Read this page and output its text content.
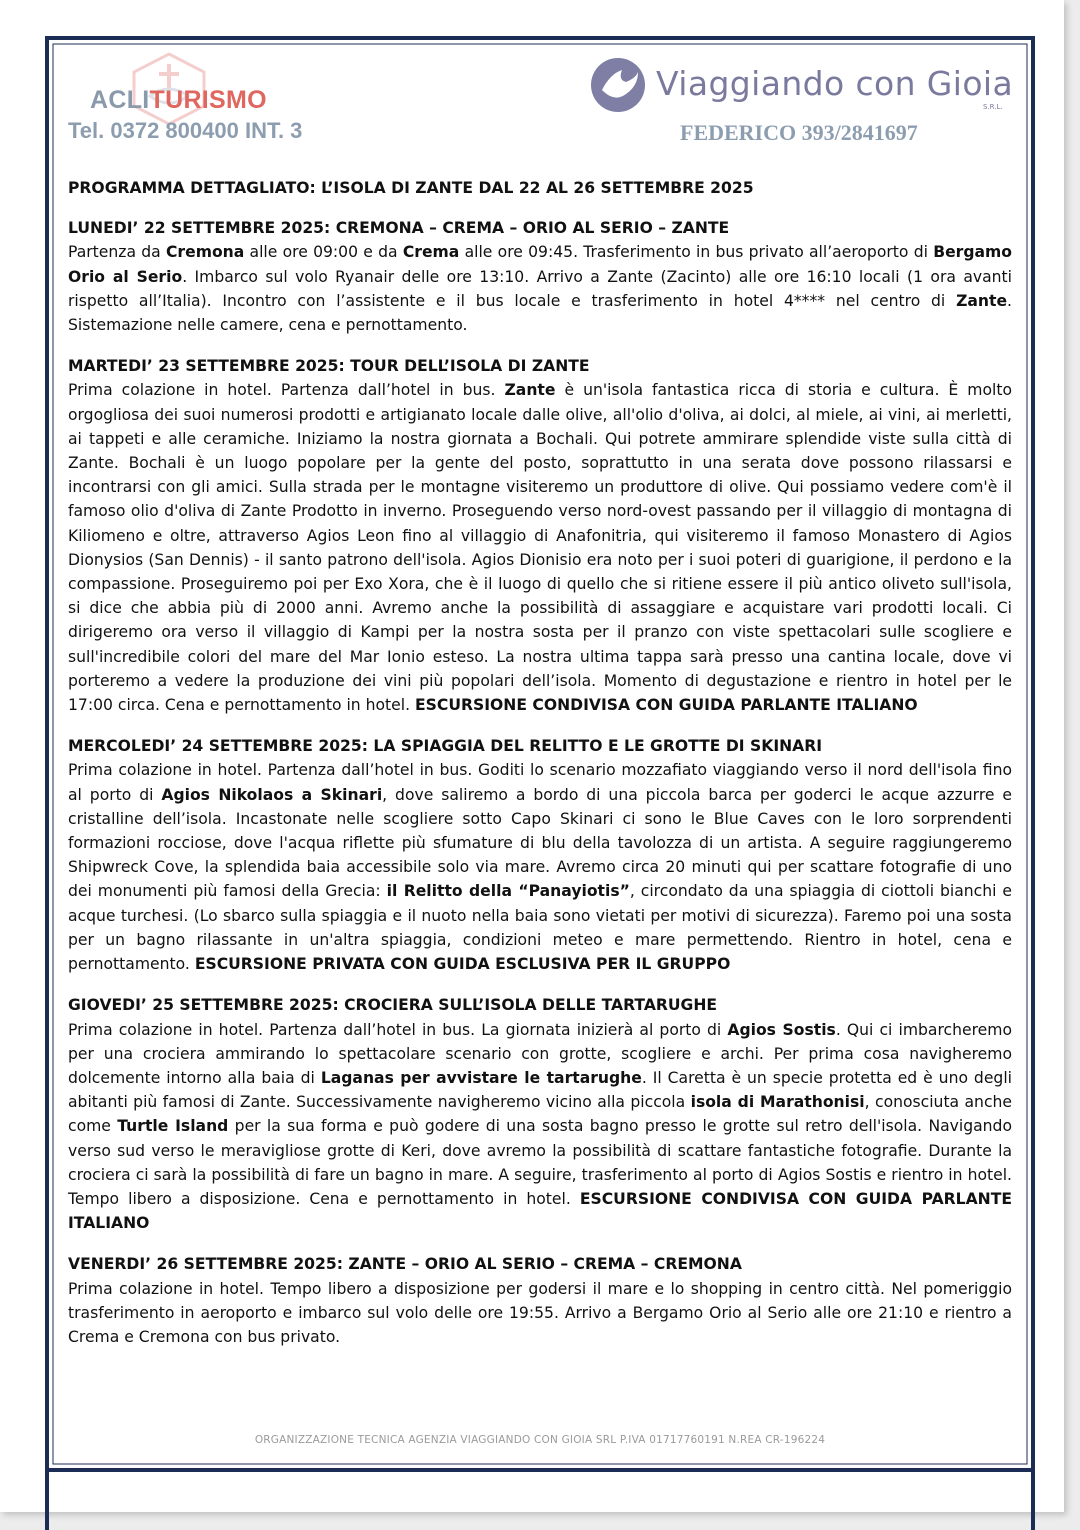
ACLITURISMO
Tel. 0372 800400 INT. 3
Viaggiando con Gioia
S.R.L.
FEDERICO 393/2841697
PROGRAMMA DETTAGLIATO: L’ISOLA DI ZANTE DAL 22 AL 26 SETTEMBRE 2025
LUNEDI’ 22 SETTEMBRE 2025: CREMONA – CREMA – ORIO AL SERIO – ZANTE

Partenza da Cremona alle ore 09:00 e da Crema alle ore 09:45. Trasferimento in bus privato all’aeroporto di Bergamo Orio al Serio. Imbarco sul volo Ryanair delle ore 13:10. Arrivo a Zante (Zacinto) alle ore 16:10 locali (1 ora avanti rispetto all’Italia). Incontro con l’assistente e il bus locale e trasferimento in hotel 4**** nel centro di Zante. Sistemazione nelle camere, cena e pernottamento.

MARTEDI’ 23 SETTEMBRE 2025: TOUR DELL’ISOLA DI ZANTE

Prima colazione in hotel. Partenza dall’hotel in bus. Zante è un'isola fantastica ricca di storia e cultura. È molto orgogliosa dei suoi numerosi prodotti e artigianato locale dalle olive, all'olio d'oliva, ai dolci, al miele, ai vini, ai merletti, ai tappeti e alle ceramiche. Iniziamo la nostra giornata a Bochali. Qui potrete ammirare splendide viste sulla città di Zante. Bochali è un luogo popolare per la gente del posto, soprattutto in una serata dove possono rilassarsi e incontrarsi con gli amici. Sulla strada per le montagne visiteremo un produttore di olive. Qui possiamo vedere com'è il famoso olio d'oliva di Zante Prodotto in inverno. Proseguendo verso nord-ovest passando per il villaggio di montagna di Kiliomeno e oltre, attraverso Agios Leon fino al villaggio di Anafonitria, qui visiteremo il famoso Monastero di Agios Dionysios (San Dennis) - il santo patrono dell'isola. Agios Dionisio era noto per i suoi poteri di guarigione, il perdono e la compassione. Proseguiremo poi per Exo Xora, che è il luogo di quello che si ritiene essere il più antico oliveto sull'isola, si dice che abbia più di 2000 anni. Avremo anche la possibilità di assaggiare e acquistare vari prodotti locali. Ci dirigeremo ora verso il villaggio di Kampi per la nostra sosta per il pranzo con viste spettacolari sulle scogliere e sull'incredibile colori del mare del Mar Ionio esteso. La nostra ultima tappa sarà presso una cantina locale, dove vi porteremo a vedere la produzione dei vini più popolari dell’isola. Momento di degustazione e rientro in hotel per le 17:00 circa. Cena e pernottamento in hotel. ESCURSIONE CONDIVISA CON GUIDA PARLANTE ITALIANO

MERCOLEDI’ 24 SETTEMBRE 2025: LA SPIAGGIA DEL RELITTO E LE GROTTE DI SKINARI

Prima colazione in hotel. Partenza dall’hotel in bus. Goditi lo scenario mozzafiato viaggiando verso il nord dell'isola fino al porto di Agios Nikolaos a Skinari, dove saliremo a bordo di una piccola barca per goderci le acque azzurre e cristalline dell’isola. Incastonate nelle scogliere sotto Capo Skinari ci sono le Blue Caves con le loro sorprendenti formazioni rocciose, dove l'acqua riflette più sfumature di blu della tavolozza di un artista. A seguire raggiungeremo Shipwreck Cove, la splendida baia accessibile solo via mare. Avremo circa 20 minuti qui per scattare fotografie di uno dei monumenti più famosi della Grecia: il Relitto della “Panayiotis”, circondato da una spiaggia di ciottoli bianchi e acque turchesi. (Lo sbarco sulla spiaggia e il nuoto nella baia sono vietati per motivi di sicurezza). Faremo poi una sosta per un bagno rilassante in un'altra spiaggia, condizioni meteo e mare permettendo. Rientro in hotel, cena e pernottamento. ESCURSIONE PRIVATA CON GUIDA ESCLUSIVA PER IL GRUPPO

GIOVEDI’ 25 SETTEMBRE 2025: CROCIERA SULL’ISOLA DELLE TARTARUGHE

Prima colazione in hotel. Partenza dall’hotel in bus. La giornata inizierà al porto di Agios Sostis. Qui ci imbarcheremo per una crociera ammirando lo spettacolare scenario con grotte, scogliere e archi. Per prima cosa navigheremo dolcemente intorno alla baia di Laganas per avvistare le tartarughe. Il Caretta è un specie protetta ed è uno degli abitanti più famosi di Zante. Successivamente navigheremo vicino alla piccola isola di Marathonisi, conosciuta anche come Turtle Island per la sua forma e può godere di una sosta bagno presso le grotte sul retro dell'isola. Navigando verso sud verso le meravigliose grotte di Keri, dove avremo la possibilità di scattare fantastiche fotografie. Durante la crociera ci sarà la possibilità di fare un bagno in mare. A seguire, trasferimento al porto di Agios Sostis e rientro in hotel. Tempo libero a disposizione. Cena e pernottamento in hotel. ESCURSIONE CONDIVISA CON GUIDA PARLANTE ITALIANO

VENERDI’ 26 SETTEMBRE 2025: ZANTE – ORIO AL SERIO – CREMA – CREMONA

Prima colazione in hotel. Tempo libero a disposizione per godersi il mare e lo shopping in centro città. Nel pomeriggio trasferimento in aeroporto e imbarco sul volo delle ore 19:55. Arrivo a Bergamo Orio al Serio alle ore 21:10 e rientro a Crema e Cremona con bus privato.

ORGANIZZAZIONE TECNICA AGENZIA VIAGGIANDO CON GIOIA SRL P.IVA 01717760191 N.REA CR-196224
